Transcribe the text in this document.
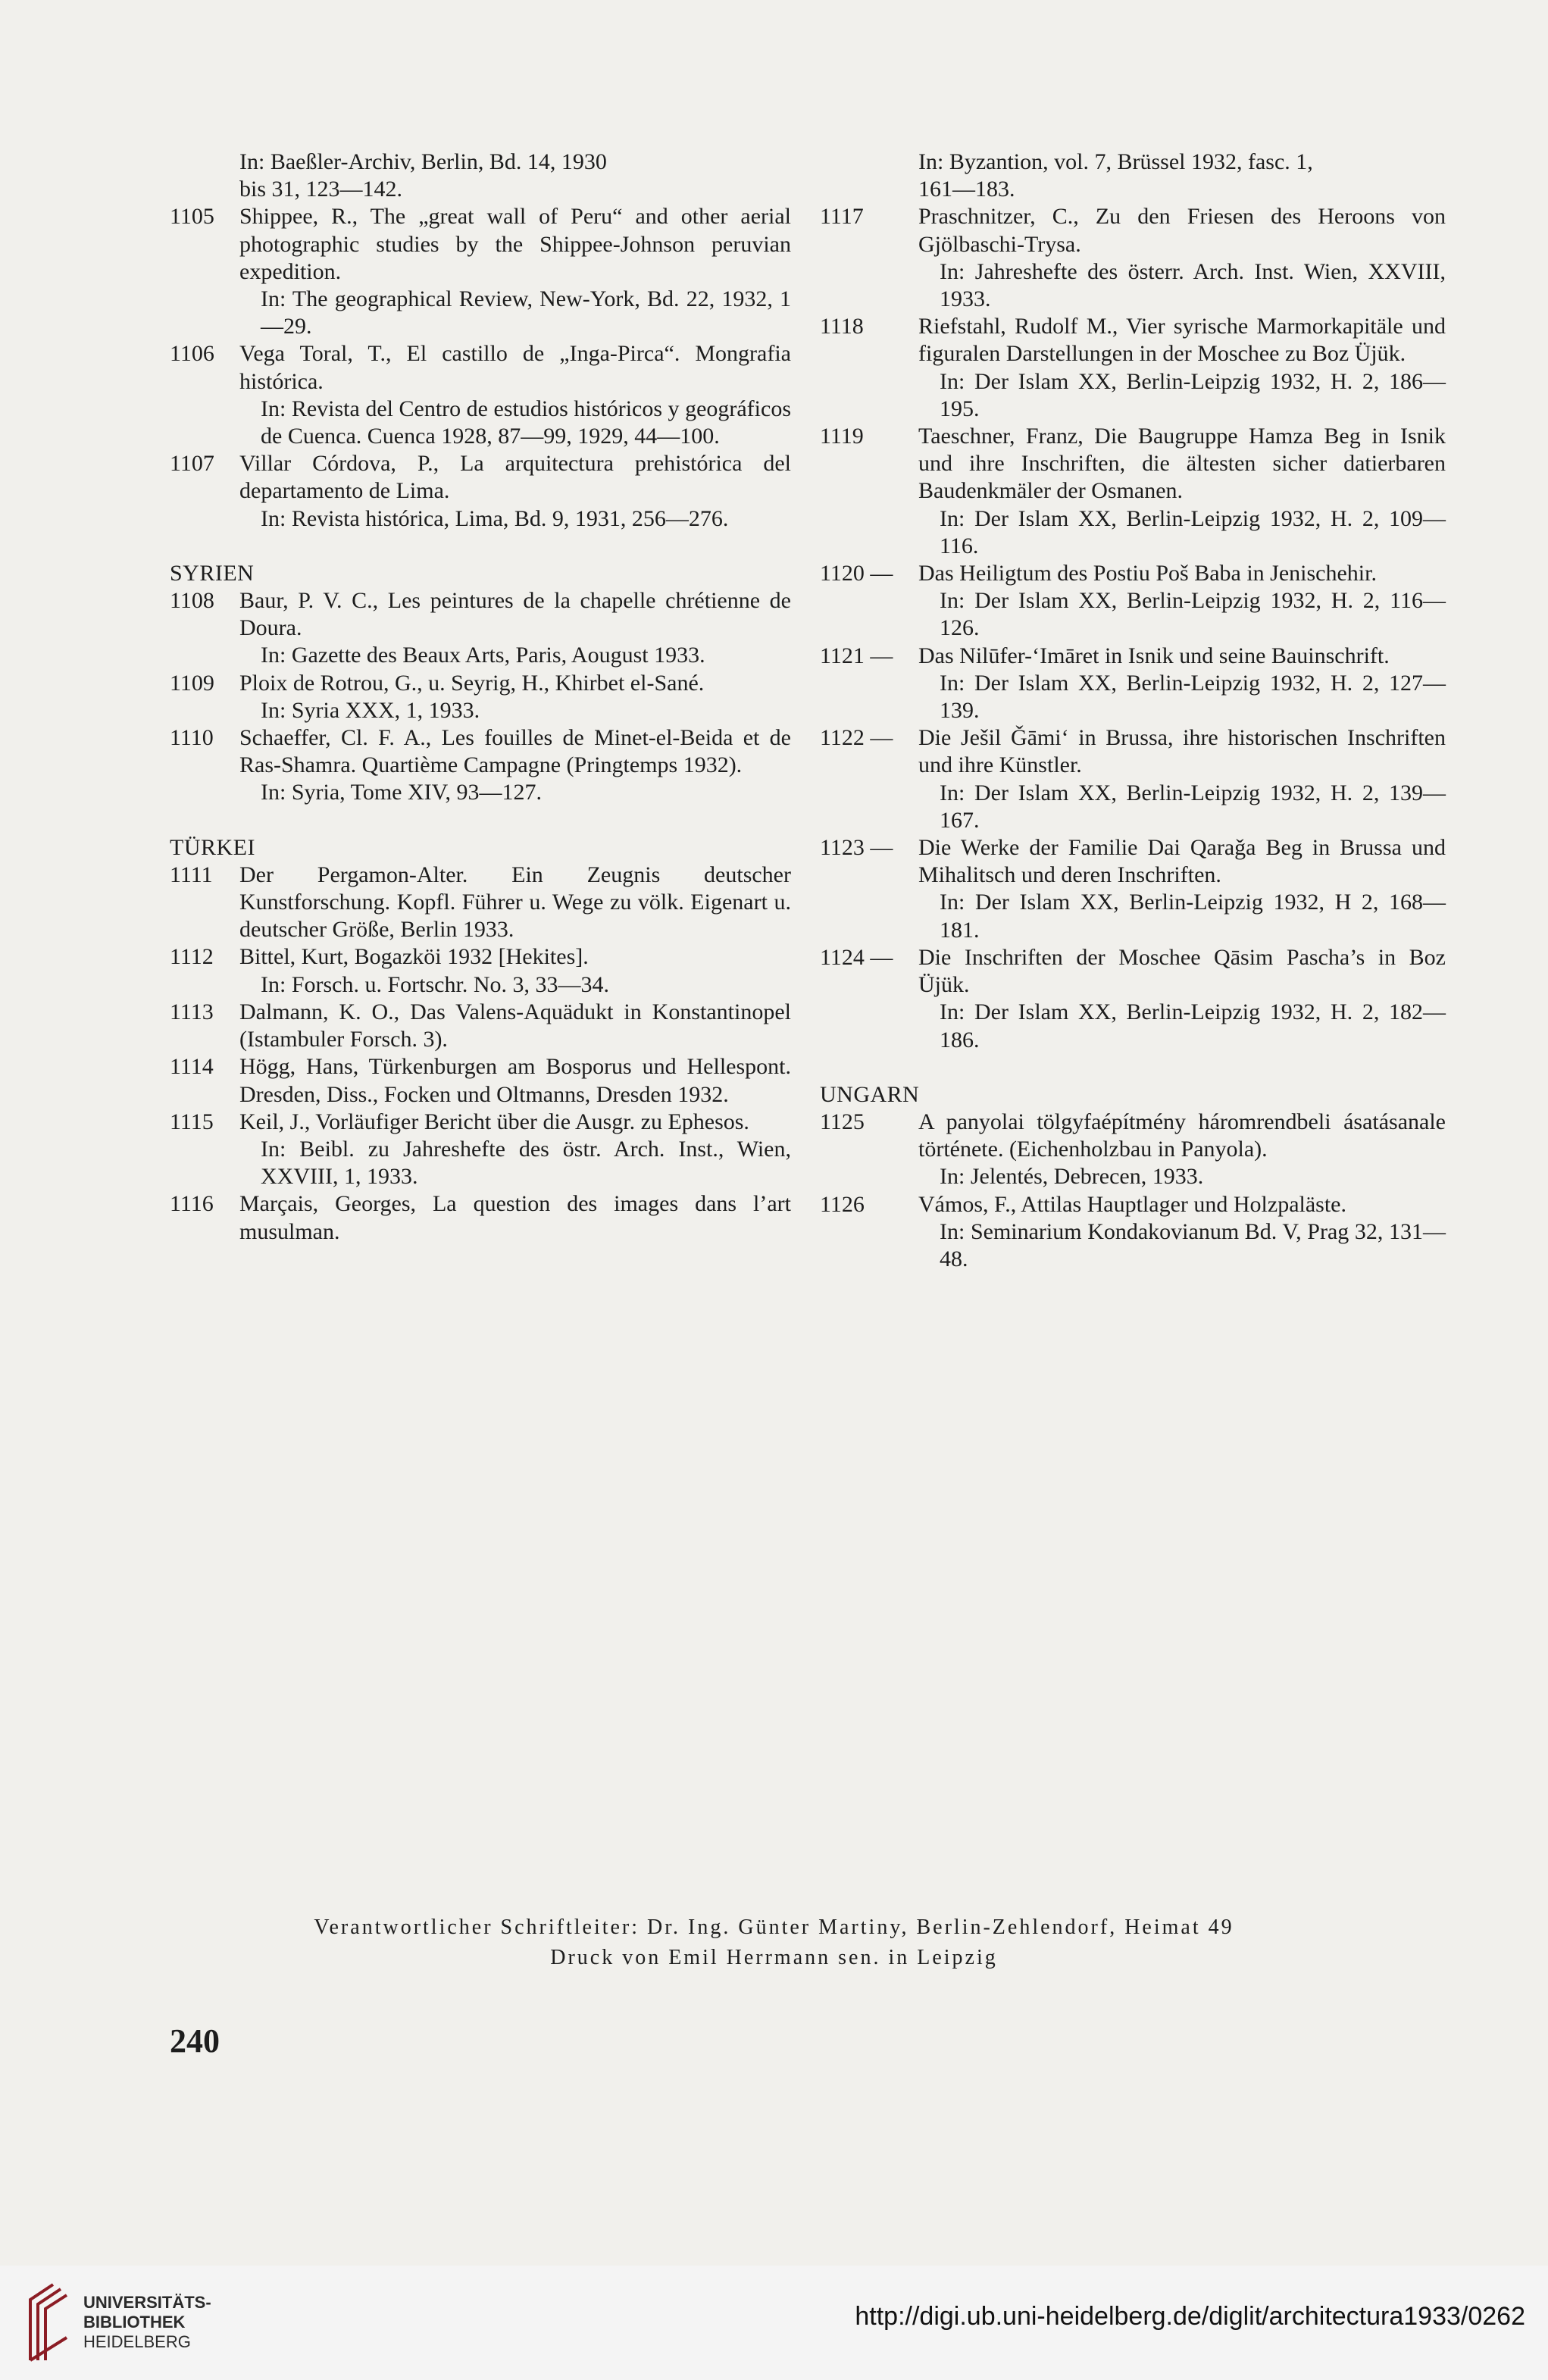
In: Baeßler-Archiv, Berlin, Bd. 14, 1930
bis 31, 123—142.
1105 Shippee, R., The „great wall of Peru“ and other aerial photographic studies by the Shippee-Johnson peruvian expedition.
In: The geographical Review, New-York, Bd. 22, 1932, 1—29.
1106 Vega Toral, T., El castillo de „Inga-Pirca“. Mongrafia histórica.
In: Revista del Centro de estudios históricos y geográficos de Cuenca. Cuenca 1928, 87—99, 1929, 44—100.
1107 Villar Córdova, P., La arquitectura prehistórica del departamento de Lima.
In: Revista histórica, Lima, Bd. 9, 1931, 256—276.
SYRIEN
1108 Baur, P. V. C., Les peintures de la chapelle chrétienne de Doura.
In: Gazette des Beaux Arts, Paris, Aougust 1933.
1109 Ploix de Rotrou, G., u. Seyrig, H., Khirbet el-Sané.
In: Syria XXX, 1, 1933.
1110 Schaeffer, Cl. F. A., Les fouilles de Minet-el-Beida et de Ras-Shamra. Quartième Campagne (Pringtemps 1932).
In: Syria, Tome XIV, 93—127.
TÜRKEI
1111 Der Pergamon-Alter. Ein Zeugnis deutscher Kunstforschung. Kopfl. Führer u. Wege zu völk. Eigenart u. deutscher Größe, Berlin 1933.
1112 Bittel, Kurt, Bogazköi 1932 [Hekites].
In: Forsch. u. Fortschr. No. 3, 33—34.
1113 Dalmann, K. O., Das Valens-Aquädukt in Konstantinopel (Istambuler Forsch. 3).
1114 Högg, Hans, Türkenburgen am Bosporus und Hellespont. Dresden, Diss., Focken und Oltmanns, Dresden 1932.
1115 Keil, J., Vorläufiger Bericht über die Ausgr. zu Ephesos.
In: Beibl. zu Jahreshefte des östr. Arch. Inst., Wien, XXVIII, 1, 1933.
1116 Marçais, Georges, La question des images dans l’art musulman.
In: Byzantion, vol. 7, Brüssel 1932, fasc. 1,
161—183.
1117 Praschnitzer, C., Zu den Friesen des Heroons von Gjölbaschi-Trysa.
In: Jahreshefte des österr. Arch. Inst. Wien, XXVIII, 1933.
1118 Riefstahl, Rudolf M., Vier syrische Marmorkapitäle und figuralen Darstellungen in der Moschee zu Boz Üjük.
In: Der Islam XX, Berlin-Leipzig 1932, H. 2, 186—195.
1119 Taeschner, Franz, Die Baugruppe Hamza Beg in Isnik und ihre Inschriften, die ältesten sicher datierbaren Baudenkmäler der Osmanen.
In: Der Islam XX, Berlin-Leipzig 1932, H. 2, 109—116.
1120 — Das Heiligtum des Postiu Poš Baba in Jenischehir.
In: Der Islam XX, Berlin-Leipzig 1932, H. 2, 116—126.
1121 — Das Nilūfer-‘Imāret in Isnik und seine Bauinschrift.
In: Der Islam XX, Berlin-Leipzig 1932, H. 2, 127—139.
1122 — Die Ješil Ǧāmi‘ in Brussa, ihre historischen Inschriften und ihre Künstler.
In: Der Islam XX, Berlin-Leipzig 1932, H. 2, 139—167.
1123 — Die Werke der Familie Dai Qaraǧa Beg in Brussa und Mihalitsch und deren Inschriften.
In: Der Islam XX, Berlin-Leipzig 1932, H 2, 168—181.
1124 — Die Inschriften der Moschee Qāsim Pascha’s in Boz Üjük.
In: Der Islam XX, Berlin-Leipzig 1932, H. 2, 182—186.
UNGARN
1125 A panyolai tölgyfaépítmény háromrendbeli ásatásanale története. (Eichenholzbau in Panyola).
In: Jelentés, Debrecen, 1933.
1126 Vámos, F., Attilas Hauptlager und Holzpaläste.
In: Seminarium Kondakovianum Bd. V, Prag 32, 131—48.
Verantwortlicher Schriftleiter: Dr. Ing. Günter Martiny, Berlin-Zehlendorf, Heimat 49
Druck von Emil Herrmann sen. in Leipzig
240
UNIVERSITÄTS-
BIBLIOTHEK
HEIDELBERG
http://digi.ub.uni-heidelberg.de/diglit/architectura1933/0262
